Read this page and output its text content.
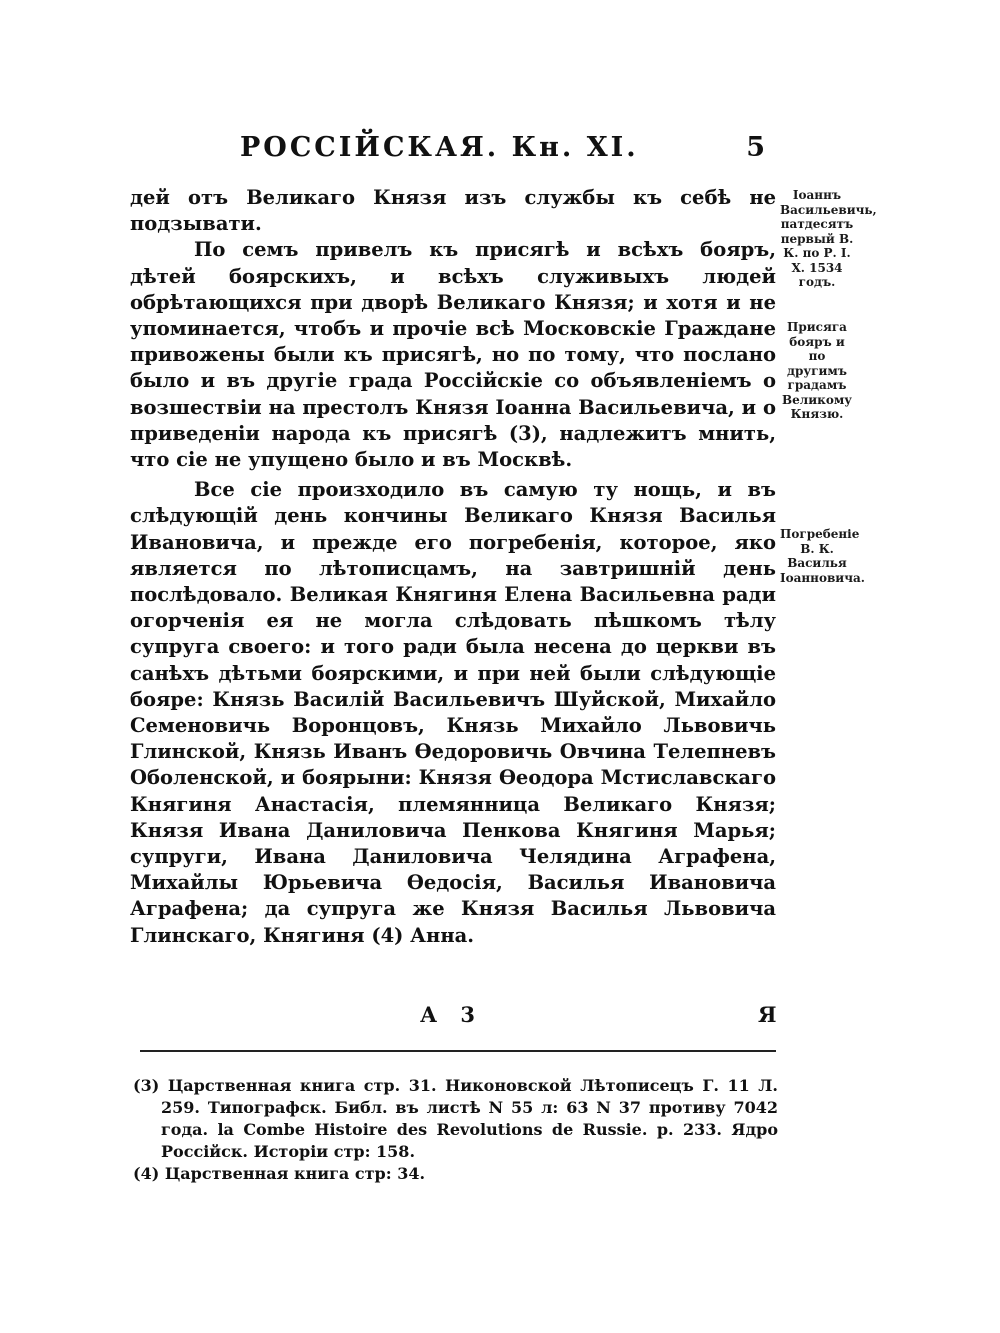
РОССІЙСКАЯ. Кн. XI.	5

дей отъ Великаго Князя изъ службы къ себѣ не подзывати.

По семъ привелъ къ присягѣ и всѣхъ бояръ, дѣтей боярскихъ, и всѣхъ служивыхъ людей обрѣтающихся при дворѣ Великаго Князя; и хотя и не упоминается, чтобъ и прочіе всѣ Московскіе Граждане привожены были къ присягѣ, но по тому, что послано было и въ другіе града Россійскіе со объявленіемъ о возшествіи на престолъ Князя Іоанна Васильевича, и о приведеніи народа къ присягѣ (3), надлежитъ мнить, что сіе не упущено было и въ Москвѣ.

Все сіе произходило въ самую ту нощь, и въ слѣдующій день кончины Великаго Князя Василья Ивановича, и прежде его погребенія, которое, яко является по лѣтописцамъ, на завтришній день послѣдовало. Великая Княгиня Елена Васильевна ради огорченія ея не могла слѣдовать пѣшкомъ тѣлу супруга своего: и того ради была несена до церкви въ санѣхъ дѣтьми боярскими, и при ней были слѣдующіе бояре: Князь Василій Васильевичъ Шуйской, Михайло Семеновичь Воронцовъ, Князь Михайло Львовичь Глинской, Князь Иванъ Өедоровичь Овчина Телепневъ Оболенской, и боярыни: Князя Өеодора Мстиславскаго Княгиня Анастасія, племянница Великаго Князя; Князя Ивана Даниловича Пенкова Княгиня Марья; супруги, Ивана Даниловича Челядина Аграфена, Михайлы Юрьевича Өедосія, Василья Ивановича Аграфена; да супруга же Князя Василья Львовича Глинскаго, Княгиня (4) Анна.

Іоаннъ Васильевичь, патдесятъ первый В. К. по Р. І. Х. 1534 годъ.
Присяга бояръ и по другимъ градамъ Великому Князю.
Погребеніе В. К. Василья Іоанновича.
А 3	Я

(3) Царственная книга стр. 31. Никоновской Лѣтописецъ Г. 11 Л. 259. Типографск. Библ. въ листѣ N 55 л: 63 N 37 противу 7042 года. la Combe Histoire des Revolutions de Russie. p. 233. Ядро Россійск. Исторіи стр: 158.

(4) Царственная книга стр: 34.
